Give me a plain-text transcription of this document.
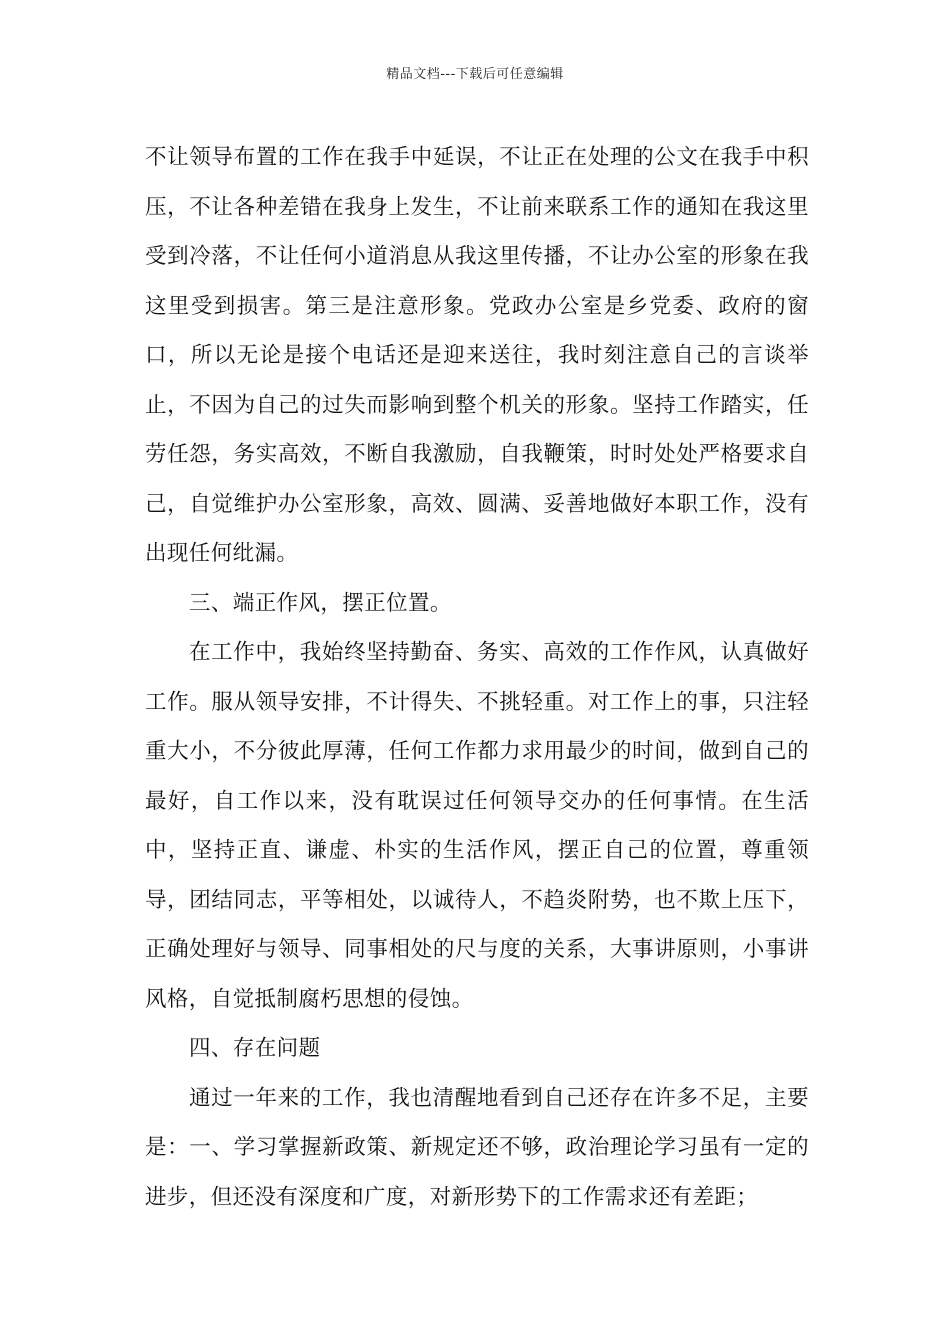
精品文档---下载后可任意编辑

不让领导布置的工作在我手中延误，不让正在处理的公文在我手中积压，不让各种差错在我身上发生，不让前来联系工作的通知在我这里受到冷落，不让任何小道消息从我这里传播，不让办公室的形象在我这里受到损害。第三是注意形象。党政办公室是乡党委、政府的窗口，所以无论是接个电话还是迎来送往，我时刻注意自己的言谈举止，不因为自己的过失而影响到整个机关的形象。坚持工作踏实，任劳任怨，务实高效，不断自我激励，自我鞭策，时时处处严格要求自己，自觉维护办公室形象，高效、圆满、妥善地做好本职工作，没有出现任何纰漏。

三、端正作风，摆正位置。

在工作中，我始终坚持勤奋、务实、高效的工作作风，认真做好工作。服从领导安排，不计得失、不挑轻重。对工作上的事，只注轻重大小，不分彼此厚薄，任何工作都力求用最少的时间，做到自己的最好，自工作以来，没有耽误过任何领导交办的任何事情。在生活中，坚持正直、谦虚、朴实的生活作风，摆正自己的位置，尊重领导，团结同志，平等相处，以诚待人，不趋炎附势，也不欺上压下，正确处理好与领导、同事相处的尺与度的关系，大事讲原则，小事讲风格，自觉抵制腐朽思想的侵蚀。

四、存在问题

通过一年来的工作，我也清醒地看到自己还存在许多不足，主要是：一、学习掌握新政策、新规定还不够，政治理论学习虽有一定的进步，但还没有深度和广度，对新形势下的工作需求还有差距；
